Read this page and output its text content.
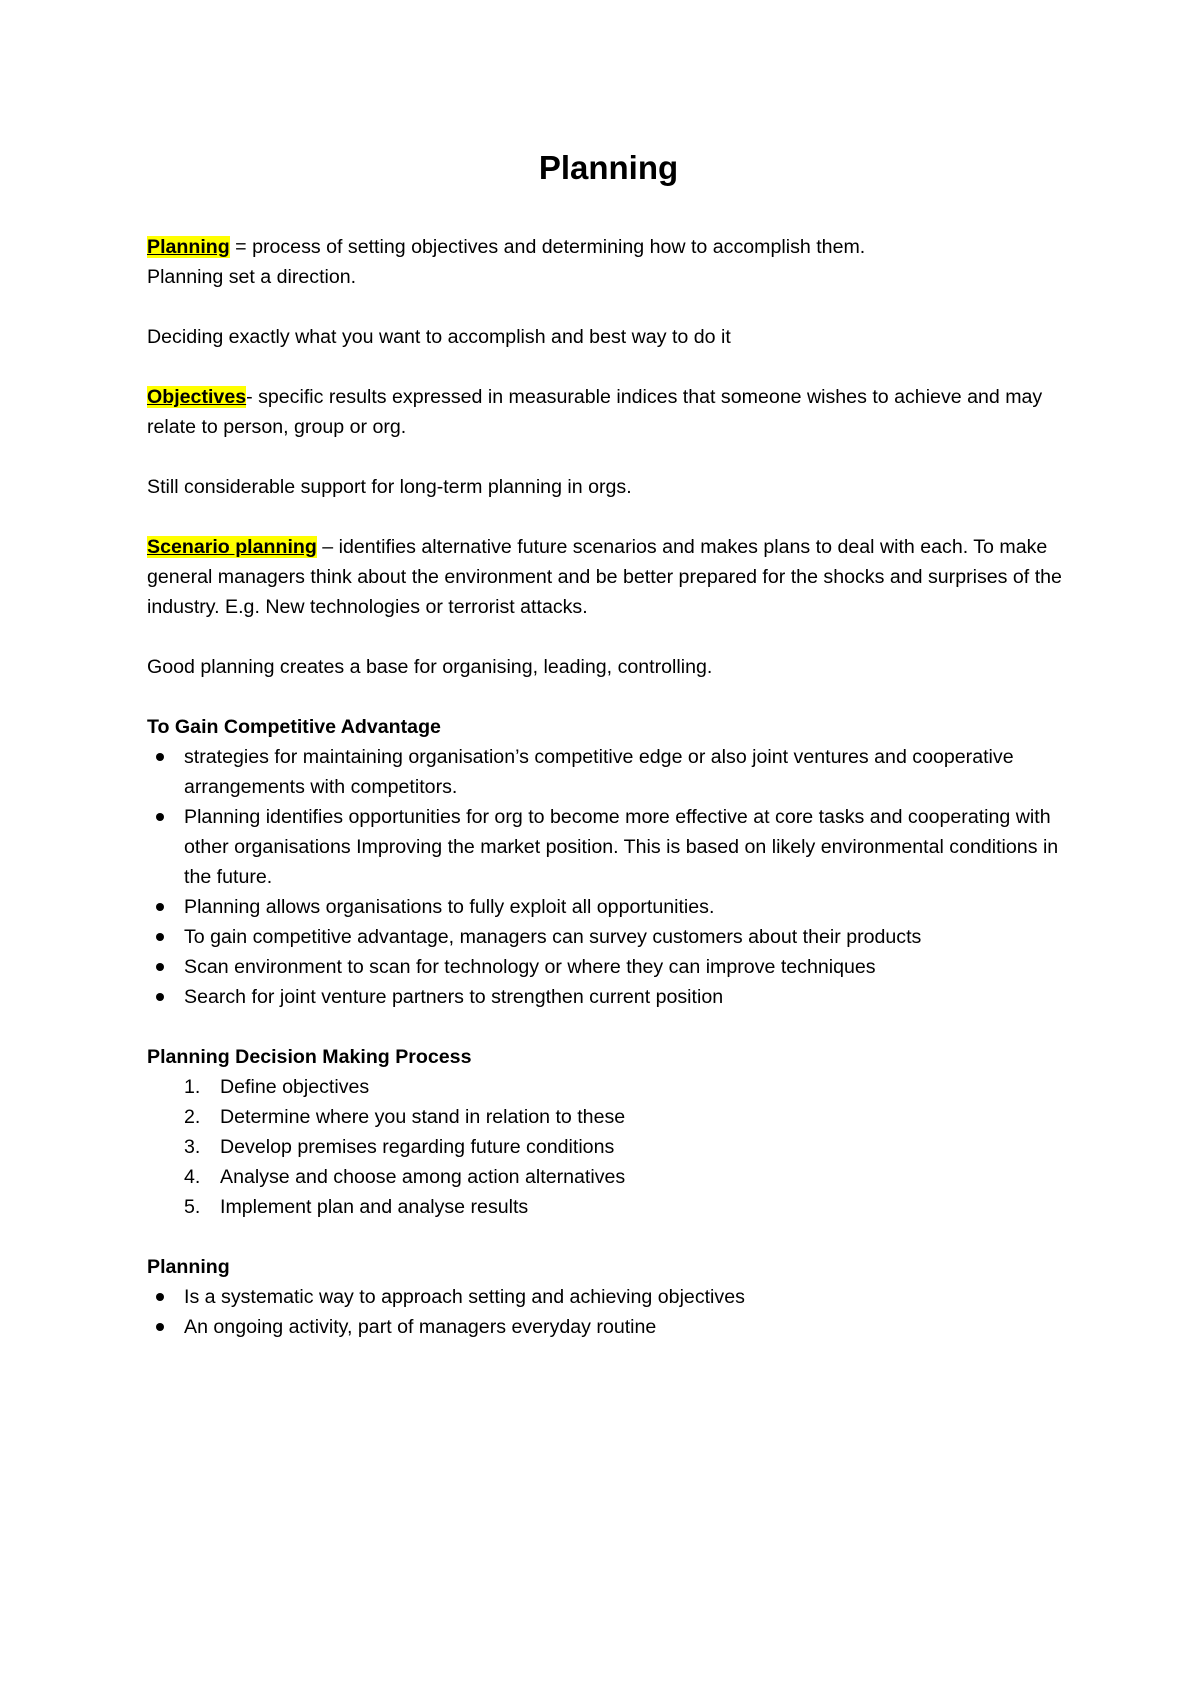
Planning

Planning = process of setting objectives and determining how to accomplish them.

Planning set a direction.

Deciding exactly what you want to accomplish and best way to do it

Objectives- specific results expressed in measurable indices that someone wishes to achieve and may relate to person, group or org.

Still considerable support for long-term planning in orgs.

Scenario planning – identifies alternative future scenarios and makes plans to deal with each. To make general managers think about the environment and be better prepared for the shocks and surprises of the industry. E.g. New technologies or terrorist attacks.

Good planning creates a base for organising, leading, controlling.

To Gain Competitive Advantage

strategies for maintaining organisation’s competitive edge or also joint ventures and cooperative arrangements with competitors.
Planning identifies opportunities for org to become more effective at core tasks and cooperating with other organisations Improving the market position. This is based on likely environmental conditions in the future.
Planning allows organisations to fully exploit all opportunities.
To gain competitive advantage, managers can survey customers about their products
Scan environment to scan for technology or where they can improve techniques
Search for joint venture partners to strengthen current position

Planning Decision Making Process

1. Define objectives
2. Determine where you stand in relation to these
3. Develop premises regarding future conditions
4. Analyse and choose among action alternatives
5. Implement plan and analyse results

Planning

Is a systematic way to approach setting and achieving objectives
An ongoing activity, part of managers everyday routine
